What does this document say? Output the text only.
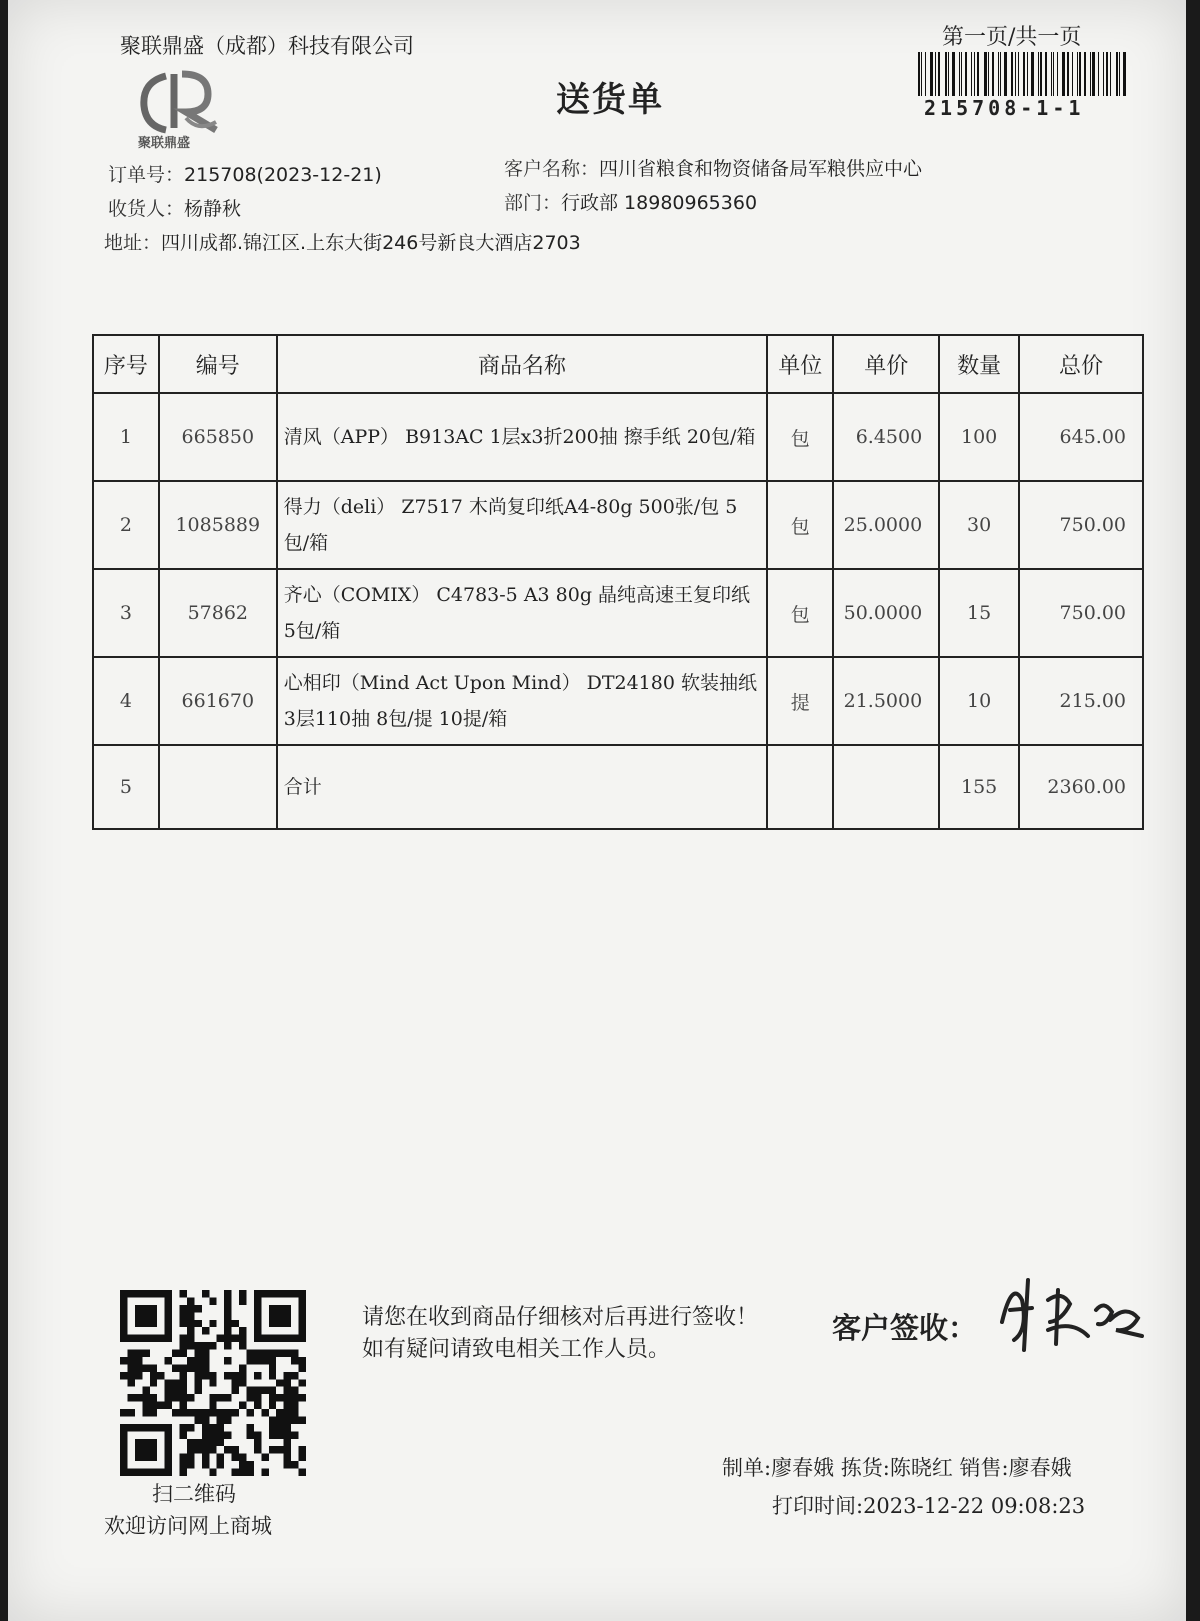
聚联鼎盛（成都）科技有限公司	第一页/共一页
215708-1-1
聚联鼎盛
送货单
订单号：215708(2023-12-21)
收货人：杨静秋
地址：四川成都.锦江区.上东大街246号新良大酒店2703
客户名称：四川省粮食和物资储备局军粮供应中心
部门：行政部 18980965360
序号	编号	商品名称	单位	单价	数量	总价
1	665850	清风（APP） B913AC 1层x3折200抽 擦手纸 20包/箱	包	6.4500	100	645.00
2	1085889	得力（deli） Z7517 木尚复印纸A4-80g 500张/包 5包/箱	包	25.0000	30	750.00
3	57862	齐心（COMIX） C4783-5 A3 80g 晶纯高速王复印纸 5包/箱	包	50.0000	15	750.00
4	661670	心相印（Mind Act Upon Mind） DT24180 软装抽纸 3层110抽 8包/提 10提/箱	提	21.5000	10	215.00
5		合计			155	2360.00
扫二维码
欢迎访问网上商城
请您在收到商品仔细核对后再进行签收！如有疑问请致电相关工作人员。
客户签收：
制单:廖春娥 拣货:陈晓红 销售:廖春娥
打印时间:2023-12-22 09:08:23
